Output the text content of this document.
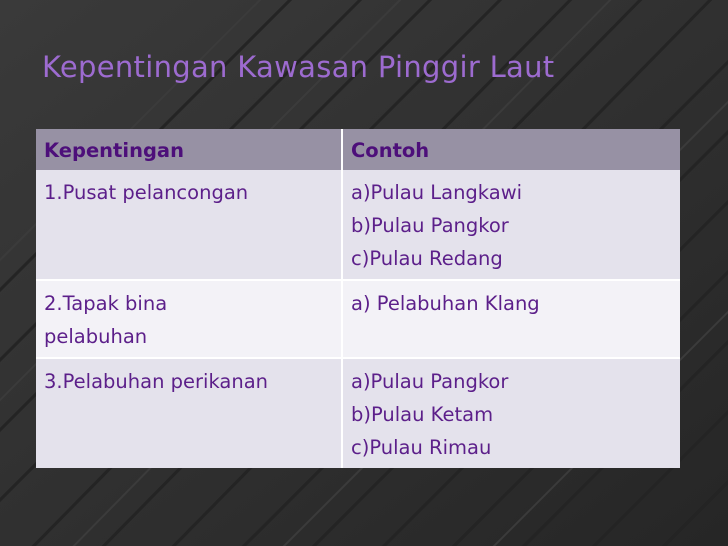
Kepentingan Kawasan Pinggir Laut
Kepentingan	Contoh

1.Pusat pelancongan	a)Pulau Langkawi
b)Pulau Pangkor
c)Pulau Redang

2.Tapak bina
pelabuhan	a) Pelabuhan Klang

3.Pelabuhan perikanan	a)Pulau Pangkor
b)Pulau Ketam
c)Pulau Rimau
